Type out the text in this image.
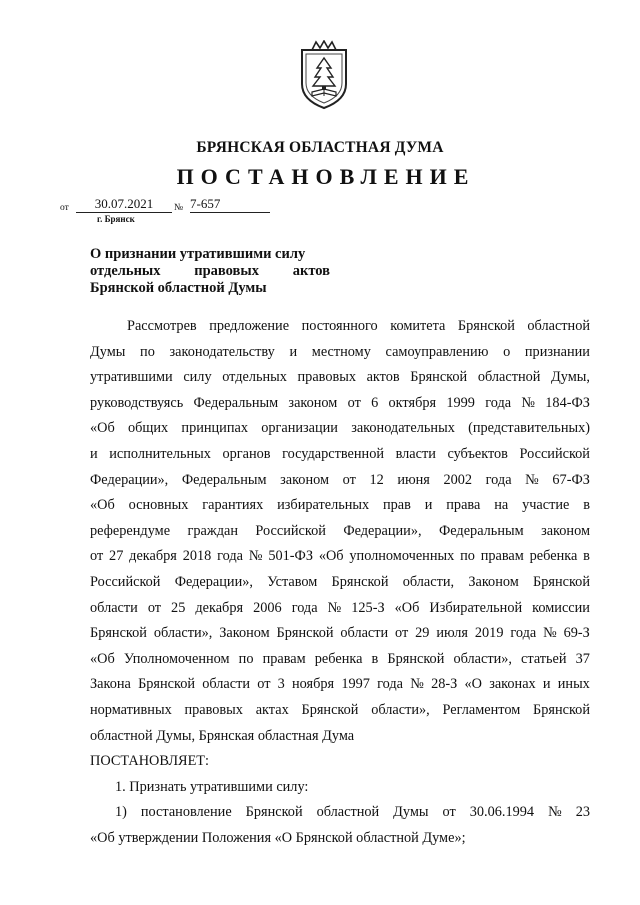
БРЯНСКАЯ ОБЛАСТНАЯ ДУМА
ПОСТАНОВЛЕНИЕ
от	30.07.2021	№ 7-657
г. Брянск
О признании утратившими силу
отдельных правовых актов
Брянской областной Думы
Рассмотрев предложение постоянного комитета Брянской областной
Думы по законодательству и местному самоуправлению о признании
утратившими силу отдельных правовых актов Брянской областной Думы,
руководствуясь Федеральным законом от 6 октября 1999 года № 184-ФЗ
«Об общих принципах организации законодательных (представительных)
и исполнительных органов государственной власти субъектов Российской
Федерации», Федеральным законом от 12 июня 2002 года № 67-ФЗ
«Об основных гарантиях избирательных прав и права на участие в
референдуме граждан Российской Федерации», Федеральным законом
от 27 декабря 2018 года № 501-ФЗ «Об уполномоченных по правам ребенка в
Российской Федерации», Уставом Брянской области, Законом Брянской
области от 25 декабря 2006 года № 125-З «Об Избирательной комиссии
Брянской области», Законом Брянской области от 29 июля 2019 года № 69-З
«Об Уполномоченном по правам ребенка в Брянской области», статьей 37
Закона Брянской области от 3 ноября 1997 года № 28-З «О законах и иных
нормативных правовых актах Брянской области», Регламентом Брянской
областной Думы, Брянская областная Дума
ПОСТАНОВЛЯЕТ:
1. Признать утратившими силу:
1) постановление Брянской областной Думы от 30.06.1994 № 23
«Об утверждении Положения «О Брянской областной Думе»;
